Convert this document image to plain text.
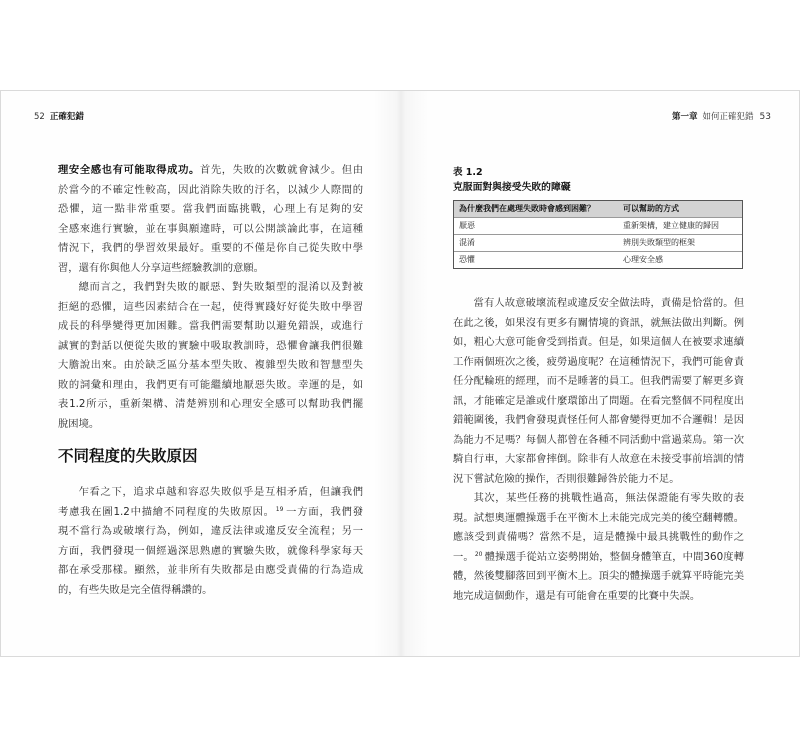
52 正確犯錯
理安全感也有可能取得成功。首先，失敗的次數就會減少。但由
於當今的不確定性較高，因此消除失敗的汙名，以減少人際間的
恐懼，這一點非常重要。當我們面臨挑戰，心理上有足夠的安
全感來進行實驗，並在事與願違時，可以公開談論此事，在這種
情況下，我們的學習效果最好。重要的不僅是你自己從失敗中學
習，還有你與他人分享這些經驗教訓的意願。
總而言之，我們對失敗的厭惡、對失敗類型的混淆以及對被
拒絕的恐懼，這些因素結合在一起，使得實踐好好從失敗中學習
成長的科學變得更加困難。當我們需要幫助以避免錯誤，或進行
誠實的對話以便從失敗的實驗中吸取教訓時，恐懼會讓我們很難
大膽說出來。由於缺乏區分基本型失敗、複雜型失敗和智慧型失
敗的詞彙和理由，我們更有可能繼續地厭惡失敗。幸運的是，如
表1.2所示，重新架構、清楚辨別和心理安全感可以幫助我們擺
脫困境。
不同程度的失敗原因
乍看之下，追求卓越和容忍失敗似乎是互相矛盾，但讓我們
考慮我在圖1.2中描繪不同程度的失敗原因。$^{19}$ 一方面，我們發
現不當行為或破壞行為，例如，違反法律或違反安全流程；另一
方面，我們發現一個經過深思熟慮的實驗失敗，就像科學家每天
都在承受那樣。顯然，並非所有失敗都是由應受責備的行為造成
的，有些失敗是完全值得稱讚的。
第一章 如何正確犯錯 53
表 1.2
克服面對與接受失敗的障礙
為什麼我們在處理失敗時會感到困難？	可以幫助的方式
厭惡	重新架構，建立健康的歸因
混淆	辨別失敗類型的框架
恐懼	心理安全感
當有人故意破壞流程或違反安全做法時，責備是恰當的。但
在此之後，如果沒有更多有關情境的資訊，就無法做出判斷。例
如，粗心大意可能會受到指責。但是，如果這個人在被要求連續
工作兩個班次之後，疲勞過度呢？在這種情況下，我們可能會責
任分配輪班的經理，而不是睡著的員工。但我們需要了解更多資
訊，才能確定是誰或什麼環節出了問題。在看完整個不同程度出
錯範圍後，我們會發現責怪任何人都會變得更加不合邏輯！是因
為能力不足嗎？每個人都曾在各種不同活動中當過菜鳥。第一次
騎自行車，大家都會摔倒。除非有人故意在未接受事前培訓的情
況下嘗試危險的操作，否則很難歸咎於能力不足。
其次，某些任務的挑戰性過高，無法保證能有零失敗的表
現。試想奧運體操選手在平衡木上未能完成完美的後空翻轉體。
應該受到責備嗎？當然不是，這是體操中最具挑戰性的動作之
一。$^{20}$ 體操選手從站立姿勢開始，整個身體筆直，中間360度轉
體，然後雙腳落回到平衡木上。頂尖的體操選手就算平時能完美
地完成這個動作，還是有可能會在重要的比賽中失誤。
